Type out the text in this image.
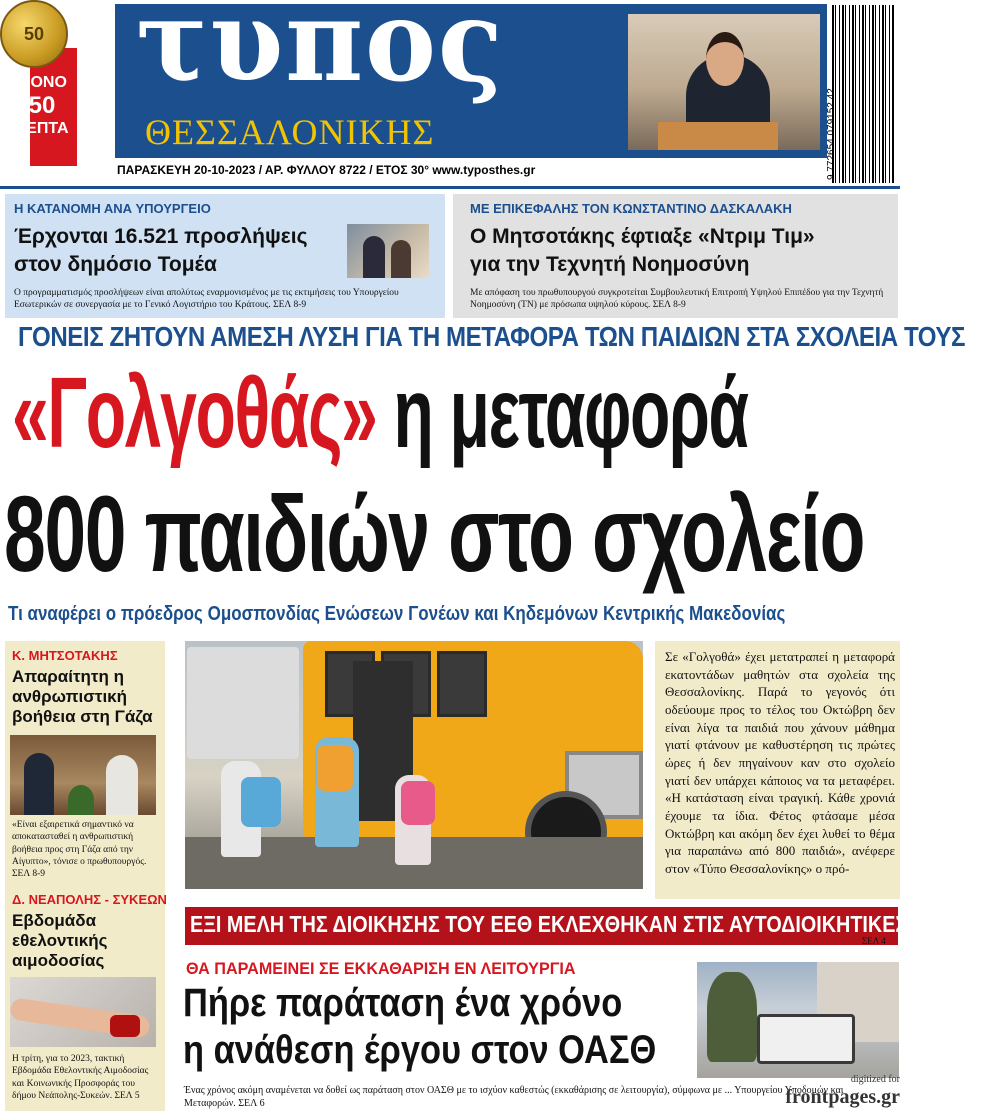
τυπος
ΘΕΣΣΑΛΟΝΙΚΗΣ
50
ΜΟΝΟ
50
ΛΕΠΤΑ	9 772654 079152 42
ΠΑΡΑΣΚΕΥΗ 20-10-2023 / ΑΡ. ΦΥΛΛΟΥ 8722 / ΕΤΟΣ 30° www.typosthes.gr
Η ΚΑΤΑΝΟΜΗ ΑΝΑ ΥΠΟΥΡΓΕΙΟ
Έρχονται 16.521 προσλήψεις
στον δημόσιο Τομέα
Ο προγραμματισμός προσλήψεων είναι απολύτως εναρμονισμένος με τις εκτιμήσεις του Υπουργείου Εσωτερικών σε συνεργασία με το Γενικό Λογιστήριο του Κράτους. ΣΕΛ 8-9
ΜΕ ΕΠΙΚΕΦΑΛΗΣ ΤΟΝ ΚΩΝΣΤΑΝΤΙΝΟ ΔΑΣΚΑΛΑΚΗ
Ο Μητσοτάκης έφτιαξε «Ντριμ Τιμ»
για την Τεχνητή Νοημοσύνη
Με απόφαση του πρωθυπουργού συγκροτείται Συμβουλευτική Επιτροπή Υψηλού Επιπέδου για την Τεχνητή Νοημοσύνη (ΤΝ) με πρόσωπα υψηλού κύρους. ΣΕΛ 8-9
ΓΟΝΕΙΣ ΖΗΤΟΥΝ ΑΜΕΣΗ ΛΥΣΗ ΓΙΑ ΤΗ ΜΕΤΑΦΟΡΑ ΤΩΝ ΠΑΙΔΙΩΝ ΣΤΑ ΣΧΟΛΕΙΑ ΤΟΥΣ
«Γολγοθάς» η μεταφορά
800 παιδιών στο σχολείο
Τι αναφέρει ο πρόεδρος Ομοσπονδίας Ενώσεων Γονέων και Κηδεμόνων Κεντρικής Μακεδονίας
Κ. ΜΗΤΣΟΤΑΚΗΣ
Απαραίτητη η ανθρωπιστική βοήθεια στη Γάζα
«Είναι εξαιρετικά σημαντικό να αποκατασταθεί η ανθρωπιστική βοήθεια προς στη Γάζα από την Αίγυπτο», τόνισε ο πρωθυπουργός. ΣΕΛ 8-9
Δ. ΝΕΑΠΟΛΗΣ - ΣΥΚΕΩΝ
Εβδομάδα εθελοντικής αιμοδοσίας
Η τρίτη, για το 2023, τακτική Εβδομάδα Εθελοντικής Αιμοδοσίας και Κοινωνικής Προσφοράς του δήμου Νεάπολης-Συκεών. ΣΕΛ 5
Σε «Γολγοθά» έχει μετατραπεί η μεταφορά εκατοντάδων μαθητών στα σχολεία της Θεσσαλονίκης. Παρά το γεγονός ότι οδεύουμε προς το τέλος του Οκτώβρη δεν είναι λίγα τα παιδιά που χάνουν μάθημα γιατί φτάνουν με καθυστέρηση τις πρώτες ώρες ή δεν πηγαίνουν καν στο σχολείο γιατί δεν υπάρχει κάποιος να τα μεταφέρει. «Η κατάσταση είναι τραγική. Κάθε χρονιά έχουμε τα ίδια. Φέτος φτάσαμε μέσα Οκτώβρη και ακόμη δεν έχει λυθεί το θέμα για παραπάνω από 800 παιδιά», ανέφερε στον «Τύπο Θεσσαλονίκης» ο πρό-
ΕΞΙ ΜΕΛΗ ΤΗΣ ΔΙΟΙΚΗΣΗΣ ΤΟΥ ΕΕΘ ΕΚΛΕΧΘΗΚΑΝ ΣΤΙΣ ΑΥΤΟΔΙΟΙΚΗΤΙΚΕΣ ΕΚΛΟΓΕΣ
ΣΕΛ 4
ΘΑ ΠΑΡΑΜΕΙΝΕΙ ΣΕ ΕΚΚΑΘΑΡΙΣΗ ΕΝ ΛΕΙΤΟΥΡΓΙΑ
Πήρε παράταση ένα χρόνο
η ανάθεση έργου στον ΟΑΣΘ
Ένας χρόνος ακόμη αναμένεται να δοθεί ως παράταση στον ΟΑΣΘ με το ισχύον καθεστώς (εκκαθάρισης σε λειτουργία), σύμφωνα με ... Υπουργείου Υποδομών και Μεταφορών. ΣΕΛ 6
digitized for
frontpages.gr
